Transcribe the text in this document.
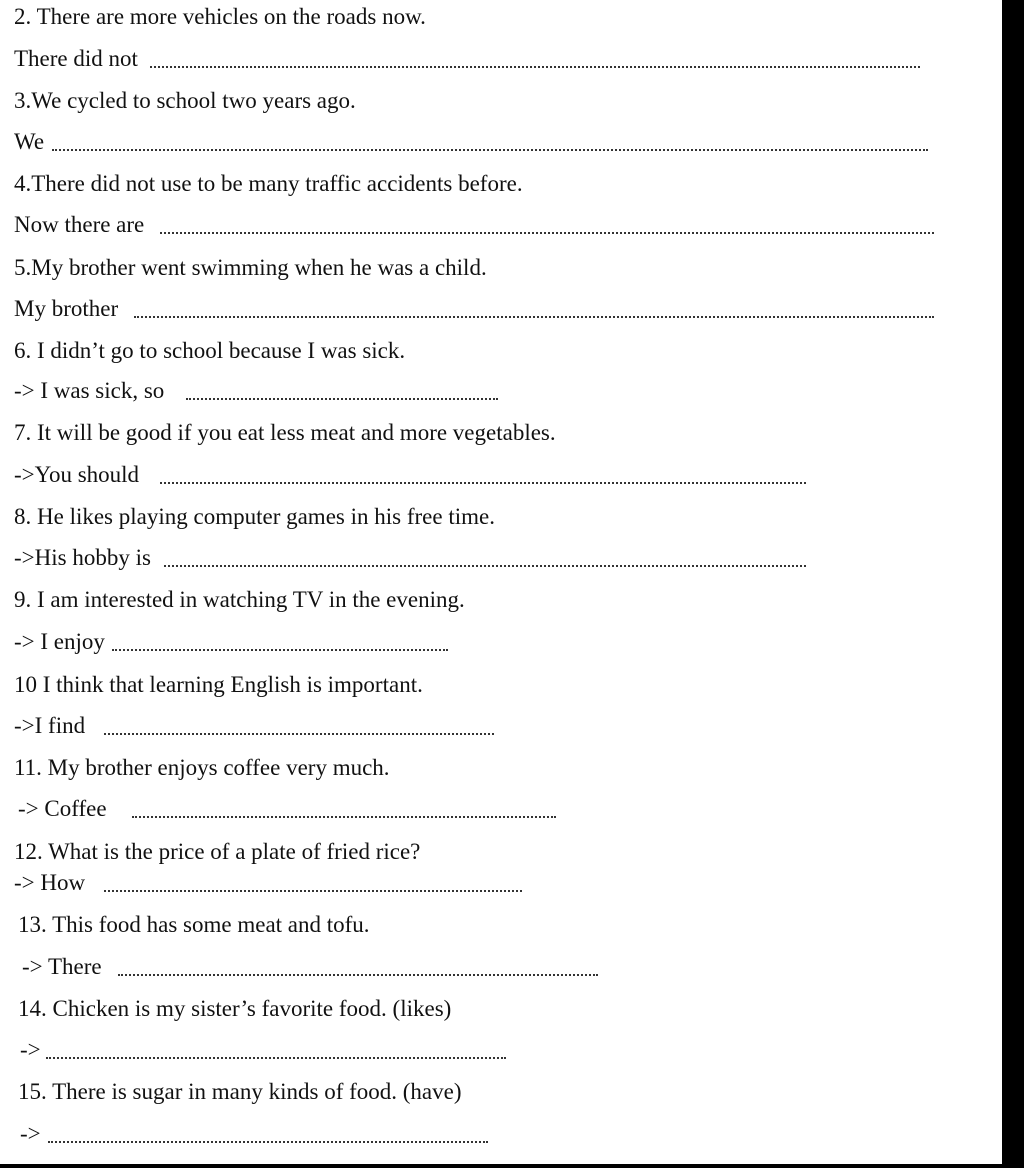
2. There are more vehicles on the roads now.
There did not
3.We cycled to school two years ago.
We
4.There did not use to be many traffic accidents before.
Now there are
5.My brother went swimming when he was a child.
My brother
6. I didn’t go to school because I was sick.
-> I was sick, so
7. It will be good if you eat less meat and more vegetables.
->You should
8. He likes playing computer games in his free time.
->His hobby is
9. I am interested in watching TV in the evening.
-> I enjoy
10 I think that learning English is important.
->I find
11. My brother enjoys coffee very much.
-> Coffee
12. What is the price of a plate of fried rice?
-> How
13. This food has some meat and tofu.
-> There
14. Chicken is my sister’s favorite food. (likes)
->
15. There is sugar in many kinds of food. (have)
->
